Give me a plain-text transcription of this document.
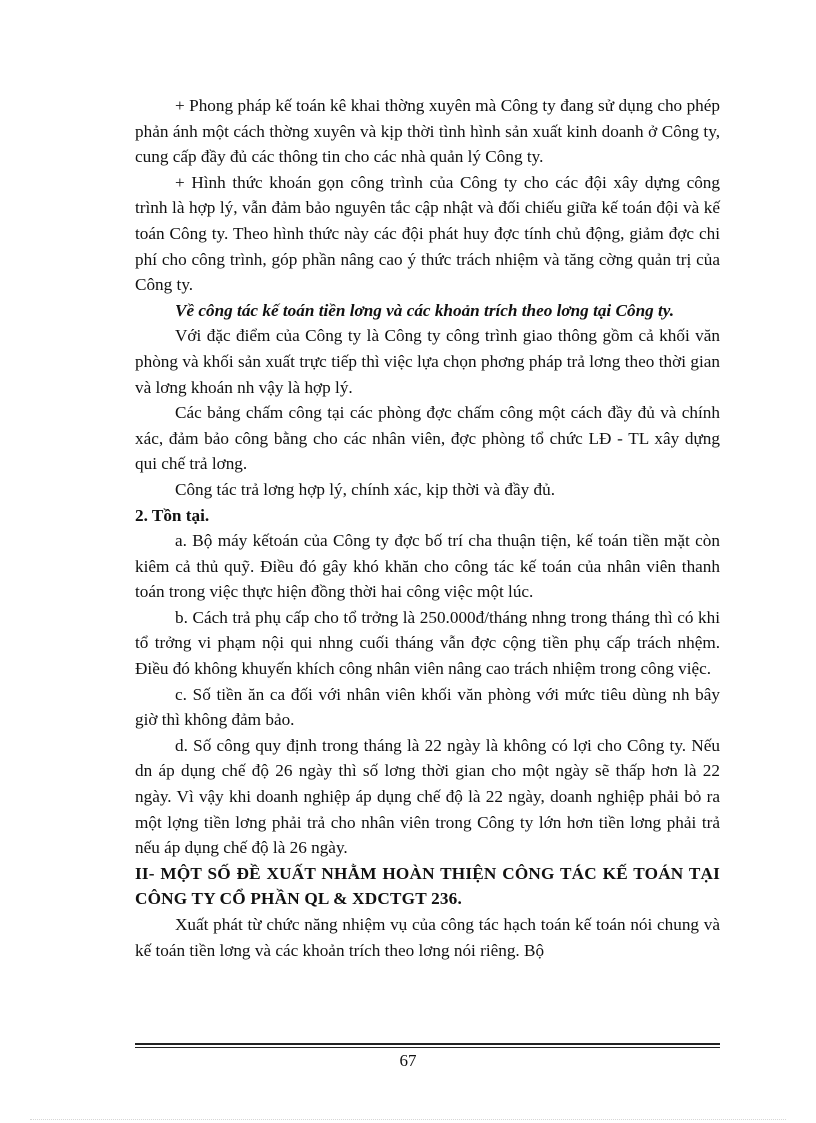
+ Phong pháp kế toán kê khai thờng xuyên mà Công ty đang sử dụng cho phép phản ánh một cách thờng xuyên và kịp thời tình hình sản xuất kinh doanh ở Công ty, cung cấp đầy đủ các thông tin cho các nhà quản lý Công ty.

+ Hình thức khoán gọn công trình của Công ty cho các đội xây dựng công trình là hợp lý, vẫn đảm bảo nguyên tắc cập nhật và đối chiếu giữa kế toán đội và kế toán Công ty. Theo hình thức này các đội phát huy đợc tính chủ động, giảm đợc chi phí cho công trình, góp phần nâng cao ý thức trách nhiệm và tăng cờng quản trị của Công ty.

Về công tác kế toán tiền lơng và các khoản trích theo lơng tại Công ty.

Với đặc điểm của Công ty là Công ty công trình giao thông gồm cả khối văn phòng và khối sản xuất trực tiếp thì việc lựa chọn phơng pháp trả lơng theo thời gian và lơng khoán nh vậy là hợp lý.

Các bảng chấm công tại các phòng đợc chấm công một cách đầy đủ và chính xác, đảm bảo công bằng cho các nhân viên, đợc phòng tổ chức LĐ - TL xây dựng qui chế trả lơng.

Công tác trả lơng hợp lý, chính xác, kịp thời và đầy đủ.

2. Tồn tại.

a. Bộ máy kếtoán của Công ty đợc bố trí cha thuận tiện, kế toán tiền mặt còn kiêm cả thủ quỹ. Điều đó gây khó khăn cho công tác kế toán của nhân viên thanh toán trong việc thực hiện đồng thời hai công việc một lúc.

b. Cách trả phụ cấp cho tổ trởng là 250.000đ/tháng nhng trong tháng thì có khi tổ trởng vi phạm nội qui nhng cuối tháng vẫn đợc cộng tiền phụ cấp trách nhệm. Điều đó không khuyến khích công nhân viên nâng cao trách nhiệm trong công việc.

c. Số tiền ăn ca đối với nhân viên khối văn phòng với mức tiêu dùng nh bây giờ thì không đảm bảo.

d. Số công quy định trong tháng là 22 ngày là không có lợi cho Công ty. Nếu dn áp dụng chế độ 26 ngày thì số lơng thời gian cho một ngày sẽ thấp hơn là 22 ngày. Vì vậy khi doanh nghiệp áp dụng chế độ là 22 ngày, doanh nghiệp phải bỏ ra một lợng tiền lơng phải trả cho nhân viên trong Công ty lớn hơn tiền lơng phải trả nếu áp dụng chế độ là 26 ngày.

II- MỘT SỐ ĐỀ XUẤT NHẰM HOÀN THIỆN CÔNG TÁC KẾ TOÁN TẠI CÔNG TY CỔ PHẦN QL & XDCTGT 236.

Xuất phát từ chức năng nhiệm vụ của công tác hạch toán kế toán nói chung và kế toán tiền lơng và các khoản trích theo lơng nói riêng. Bộ

67
